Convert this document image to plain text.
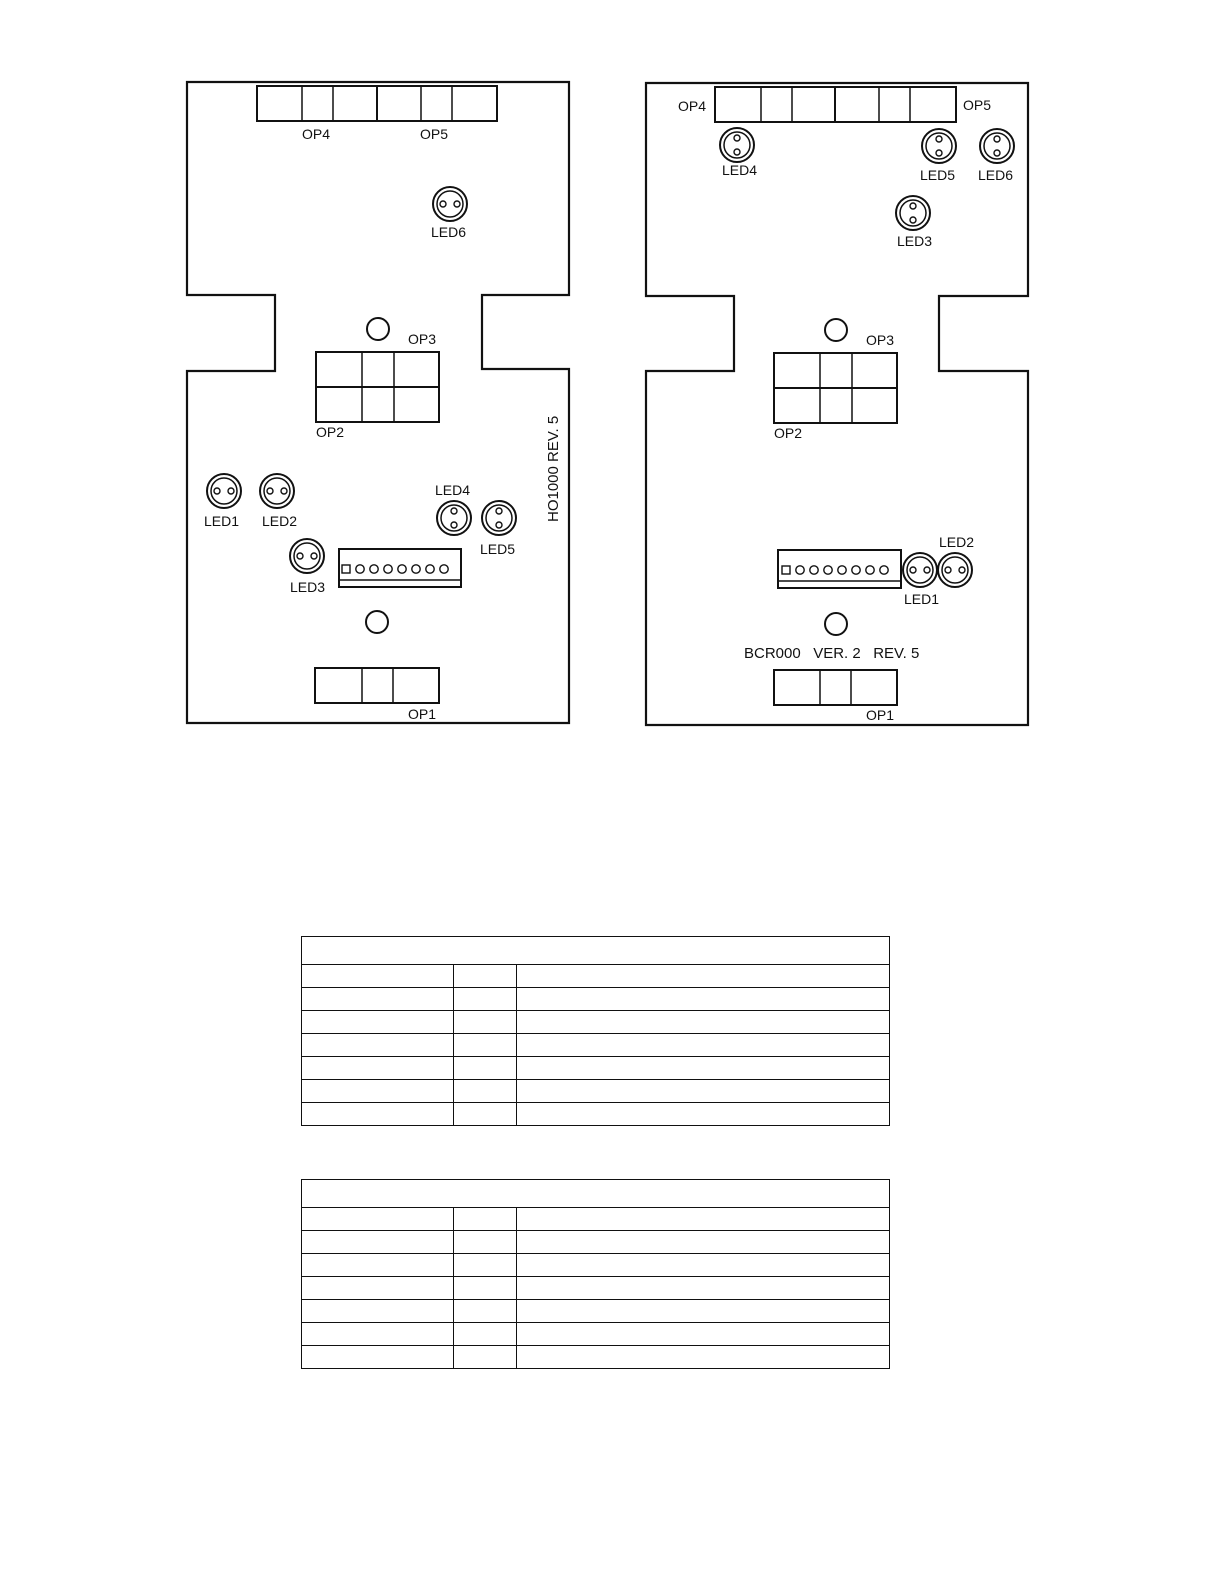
OP4	OP5
LED6
OP3
OP2	HO1000 REV. 5
LED1 LED2
LED4
LED5
LED3
OP1
OP4	OP5
LED4	LED5 LED6
LED3
OP3
OP2
LED1
LED2
BCR000   VER. 2   REV. 5
OP1
